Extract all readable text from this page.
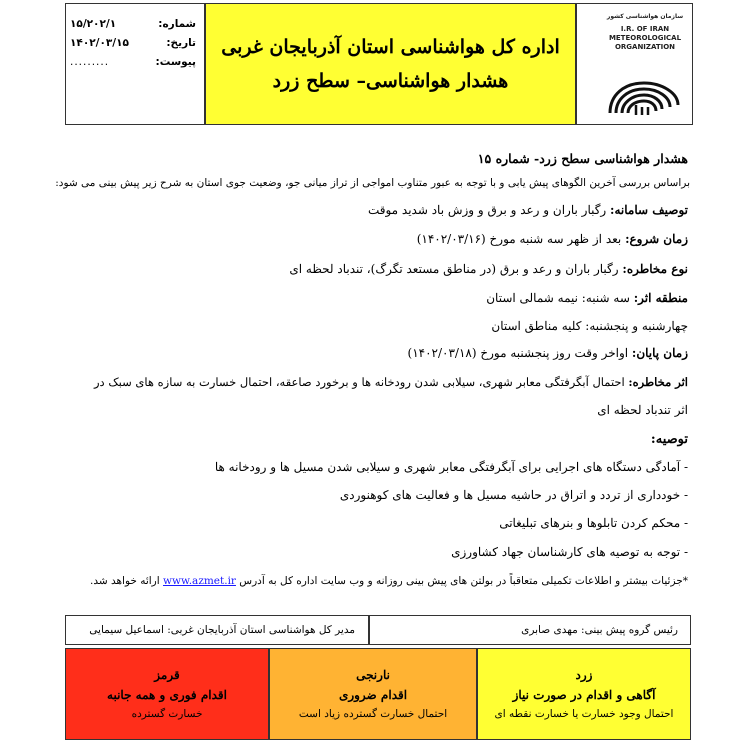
سازمان هواشناسی کشور
I.R. OF IRAN
METEOROLOGICAL
ORGANIZATION
اداره کل هواشناسی استان آذربایجان غربی
هشدار هواشناسی– سطح زرد
شماره:
۱۵/۲۰۲/۱
تاریخ:
۱۴۰۲/۰۳/۱۵
پیوست:
.........
هشدار هواشناسی سطح زرد- شماره ۱۵
براساس بررسی آخرین الگوهای پیش یابی و با توجه به عبور متناوب امواجی از تراز میانی جو، وضعیت جوی استان به شرح زیر پیش بینی می شود:
توصیف سامانه: رگبار باران و رعد و برق و وزش باد شدید موقت
زمان شروع: بعد از ظهر سه شنبه مورخ (۱۴۰۲/۰۳/۱۶)
نوع مخاطره: رگبار باران و رعد و برق (در مناطق مستعد تگرگ)، تندباد لحظه ای
منطقه اثر: سه شنبه: نیمه شمالی استان
چهارشنبه و پنجشنبه: کلیه مناطق استان
زمان پایان: اواخر وقت روز پنجشنبه مورخ (۱۴۰۲/۰۳/۱۸)
اثر مخاطره: احتمال آبگرفتگی معابر شهری، سیلابی شدن رودخانه ها و برخورد صاعقه، احتمال خسارت به سازه های سبک در
اثر تندباد لحظه ای
توصیه:
- آمادگی دستگاه های اجرایی برای آبگرفتگی معابر شهری و سیلابی شدن مسیل ها و رودخانه ها
- خودداری از تردد و اتراق در حاشیه مسیل ها و فعالیت های کوهنوردی
- محکم کردن تابلوها و بنرهای تبلیغاتی
- توجه به توصیه های کارشناسان جهاد کشاورزی
*جزئیات بیشتر و اطلاعات تکمیلی متعاقباً در بولتن های پیش بینی روزانه و وب سایت اداره کل به آدرس www.azmet.ir ارائه خواهد شد.
رئیس گروه پیش بینی: مهدی صابری
مدیر کل هواشناسی استان آذربایجان غربی: اسماعیل سیمایی
زرد
آگاهی و اقدام در صورت نیاز
احتمال وجود خسارت یا خسارت نقطه ای
نارنجی
اقدام ضروری
احتمال خسارت گسترده زیاد است
قرمز
اقدام فوری و همه جانبه
خسارت گسترده
